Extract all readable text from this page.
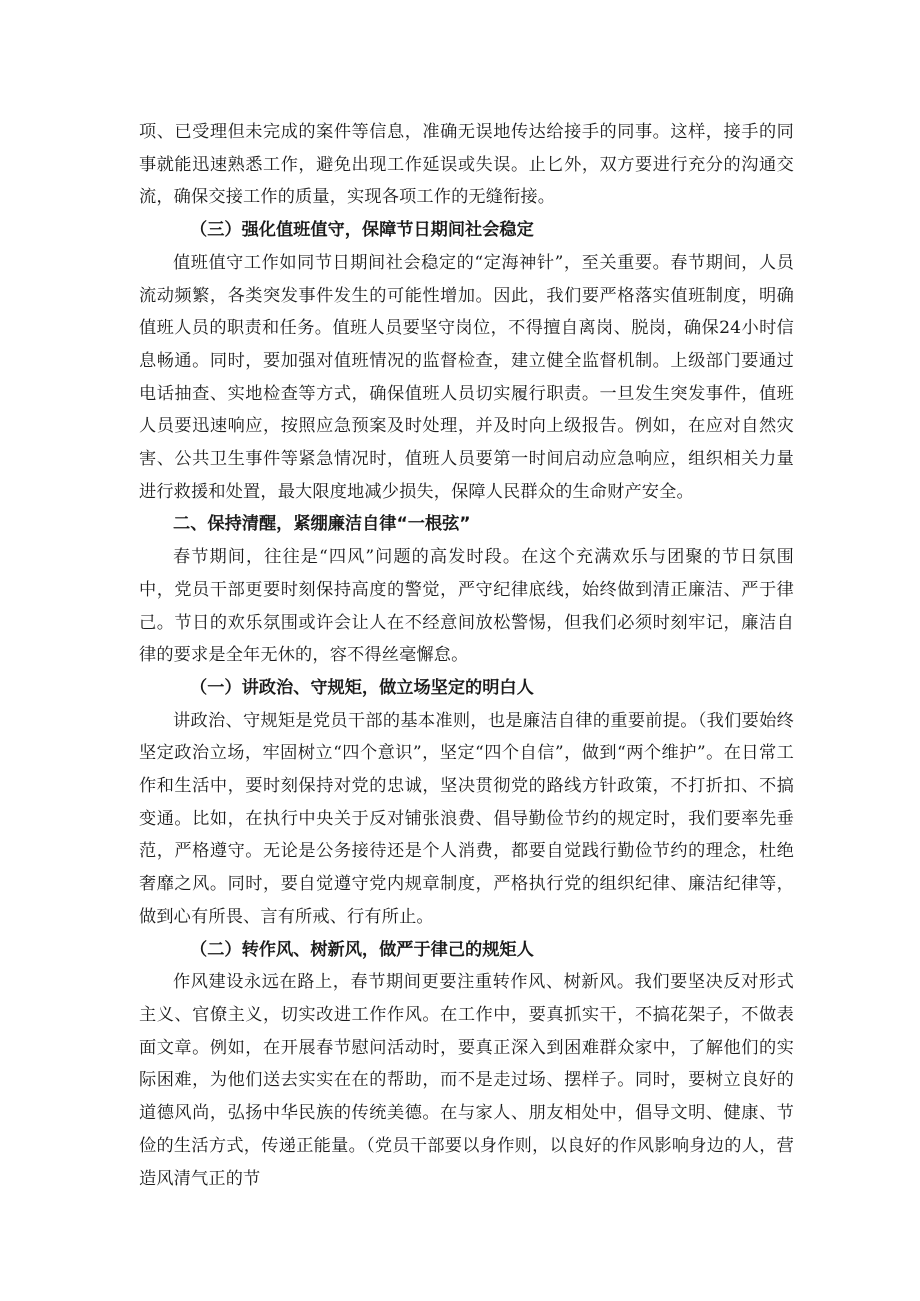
项、已受理但未完成的案件等信息，准确无误地传达给接手的同事。这样，接手的同事就能迅速熟悉工作，避免出现工作延误或失误。止匕外，双方要进行充分的沟通交流，确保交接工作的质量，实现各项工作的无缝衔接。

（三）强化值班值守，保障节日期间社会稳定

值班值守工作如同节日期间社会稳定的“定海神针”，至关重要。春节期间，人员流动频繁，各类突发事件发生的可能性增加。因此，我们要严格落实值班制度，明确值班人员的职责和任务。值班人员要坚守岗位，不得擅自离岗、脱岗，确保24小时信息畅通。同时，要加强对值班情况的监督检查，建立健全监督机制。上级部门要通过电话抽查、实地检查等方式，确保值班人员切实履行职责。一旦发生突发事件，值班人员要迅速响应，按照应急预案及时处理，并及时向上级报告。例如，在应对自然灾害、公共卫生事件等紧急情况时，值班人员要第一时间启动应急响应，组织相关力量进行救援和处置，最大限度地减少损失，保障人民群众的生命财产安全。

二、保持清醒，紧绷廉洁自律“一根弦”

春节期间，往往是“四风”问题的高发时段。在这个充满欢乐与团聚的节日氛围中，党员干部更要时刻保持高度的警觉，严守纪律底线，始终做到清正廉洁、严于律己。节日的欢乐氛围或许会让人在不经意间放松警惕，但我们必须时刻牢记，廉洁自律的要求是全年无休的，容不得丝毫懈怠。

（一）讲政治、守规矩，做立场坚定的明白人

讲政治、守规矩是党员干部的基本准则，也是廉洁自律的重要前提。（我们要始终坚定政治立场，牢固树立“四个意识”，坚定“四个自信”，做到“两个维护”。在日常工作和生活中，要时刻保持对党的忠诚，坚决贯彻党的路线方针政策，不打折扣、不搞变通。比如，在执行中央关于反对铺张浪费、倡导勤俭节约的规定时，我们要率先垂范，严格遵守。无论是公务接待还是个人消费，都要自觉践行勤俭节约的理念，杜绝奢靡之风。同时，要自觉遵守党内规章制度，严格执行党的组织纪律、廉洁纪律等，做到心有所畏、言有所戒、行有所止。

（二）转作风、树新风，做严于律己的规矩人

作风建设永远在路上，春节期间更要注重转作风、树新风。我们要坚决反对形式主义、官僚主义，切实改进工作作风。在工作中，要真抓实干，不搞花架子，不做表面文章。例如，在开展春节慰问活动时，要真正深入到困难群众家中，了解他们的实际困难，为他们送去实实在在的帮助，而不是走过场、摆样子。同时，要树立良好的道德风尚，弘扬中华民族的传统美德。在与家人、朋友相处中，倡导文明、健康、节俭的生活方式，传递正能量。（党员干部要以身作则，以良好的作风影响身边的人，营造风清气正的节
